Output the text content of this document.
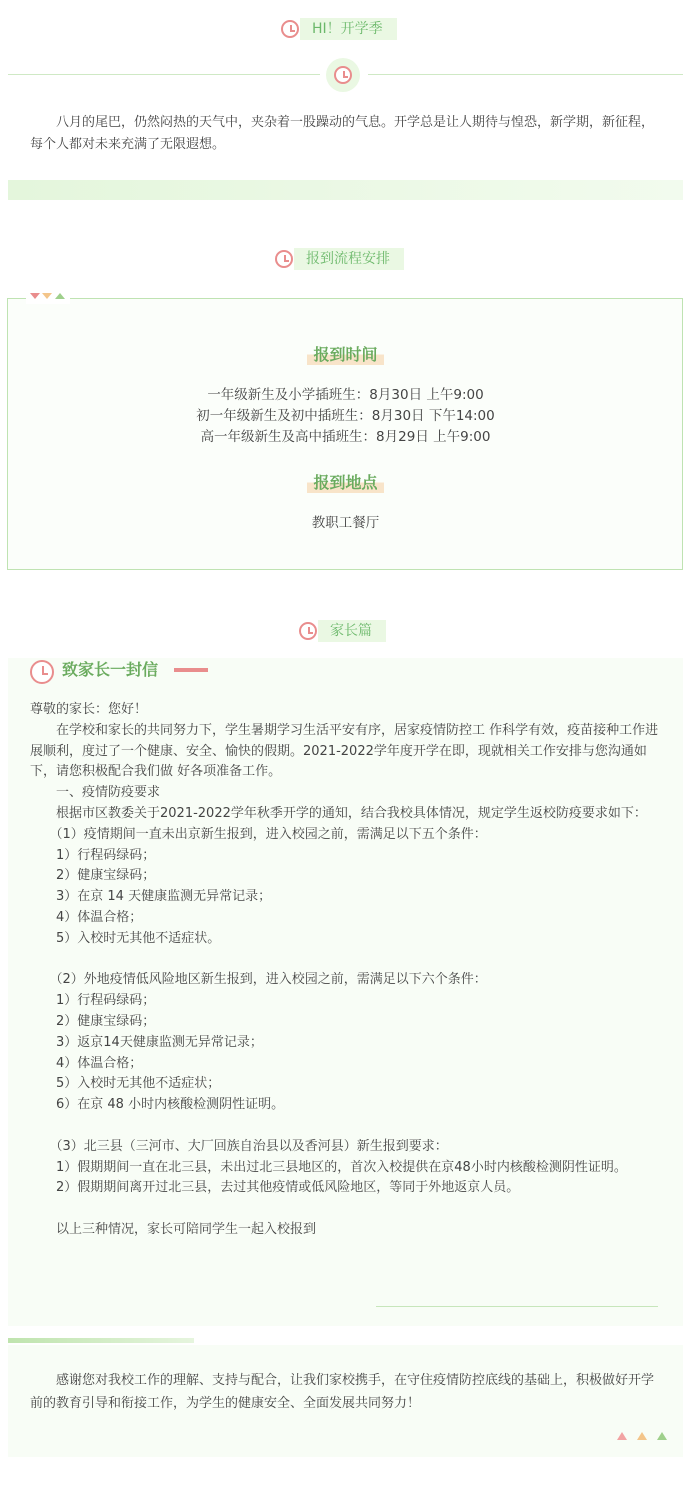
HI！开学季

八月的尾巴，仍然闷热的天气中，夹杂着一股躁动的气息。开学总是让人期待与惶恐，新学期，新征程，每个人都对未来充满了无限遐想。

报到流程安排
报到时间
一年级新生及小学插班生：8月30日 上午9:00
初一年级新生及初中插班生：8月30日 下午14:00
高一年级新生及高中插班生：8月29日 上午9:00
报到地点
教职工餐厅
家长篇
致家长一封信

尊敬的家长：您好！

　　在学校和家长的共同努力下，学生暑期学习生活平安有序，居家疫情防控工 作科学有效，疫苗接种工作进展顺利，度过了一个健康、安全、愉快的假期。2021-2022学年度开学在即，现就相关工作安排与您沟通如下，请您积极配合我们做 好各项准备工作。

　　一、疫情防疫要求

　　根据市区教委关于2021-2022学年秋季开学的通知，结合我校具体情况，规定学生返校防疫要求如下：

　　（1）疫情期间一直未出京新生报到，进入校园之前，需满足以下五个条件：

　　1）行程码绿码；

　　2）健康宝绿码；

　　3）在京 14 天健康监测无异常记录；

　　4）体温合格；

　　5）入校时无其他不适症状。

　　（2）外地疫情低风险地区新生报到，进入校园之前，需满足以下六个条件：

　　1）行程码绿码；

　　2）健康宝绿码；

　　3）返京14天健康监测无异常记录；

　　4）体温合格；

　　5）入校时无其他不适症状；

　　6）在京 48 小时内核酸检测阴性证明。

　　（3）北三县（三河市、大厂回族自治县以及香河县）新生报到要求：

　　1）假期期间一直在北三县，未出过北三县地区的，首次入校提供在京48小时内核酸检测阴性证明。

　　2）假期期间离开过北三县，去过其他疫情或低风险地区，等同于外地返京人员。

　　以上三种情况，家长可陪同学生一起入校报到

　　感谢您对我校工作的理解、支持与配合，让我们家校携手，在守住疫情防控底线的基础上，积极做好开学前的教育引导和衔接工作，为学生的健康安全、全面发展共同努力！
